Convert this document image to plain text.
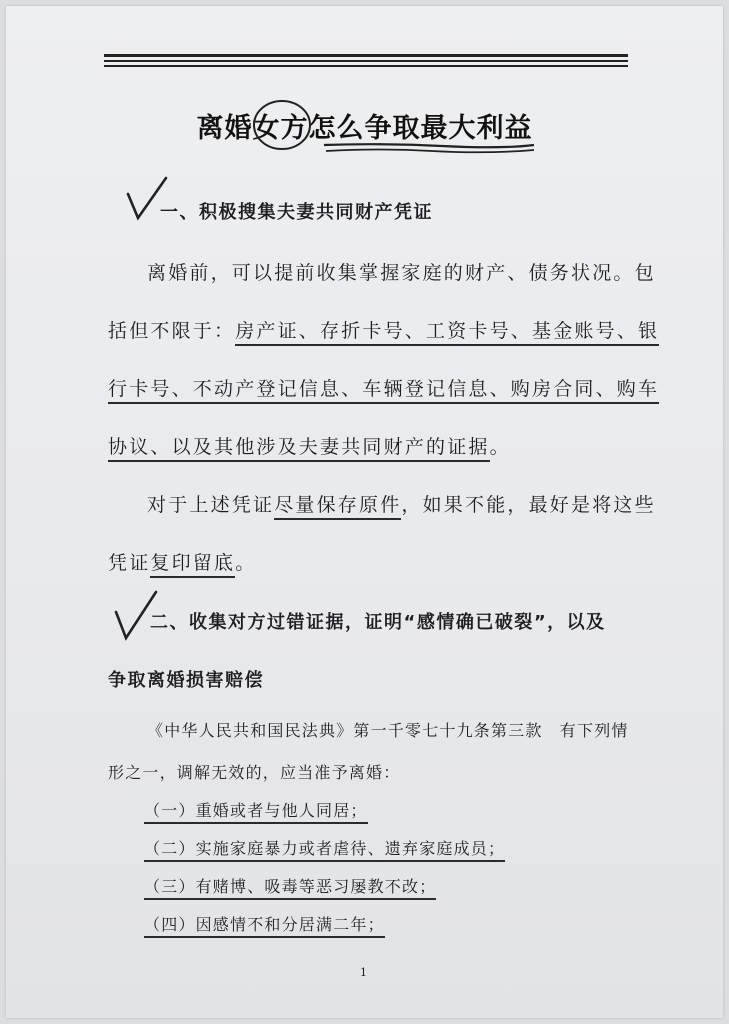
离婚女方怎么争取最大利益
一、积极搜集夫妻共同财产凭证
离婚前，可以提前收集掌握家庭的财产、债务状况。包
括但不限于：房产证、存折卡号、工资卡号、基金账号、银
行卡号、不动产登记信息、车辆登记信息、购房合同、购车
协议、以及其他涉及夫妻共同财产的证据。
对于上述凭证尽量保存原件，如果不能，最好是将这些
凭证复印留底。
二、收集对方过错证据，证明“感情确已破裂”，以及
争取离婚损害赔偿
《中华人民共和国民法典》第一千零七十九条第三款　有下列情
形之一，调解无效的，应当准予离婚：
（一）重婚或者与他人同居；
（二）实施家庭暴力或者虐待、遗弃家庭成员；
（三）有赌博、吸毒等恶习屡教不改；
（四）因感情不和分居满二年；
1
